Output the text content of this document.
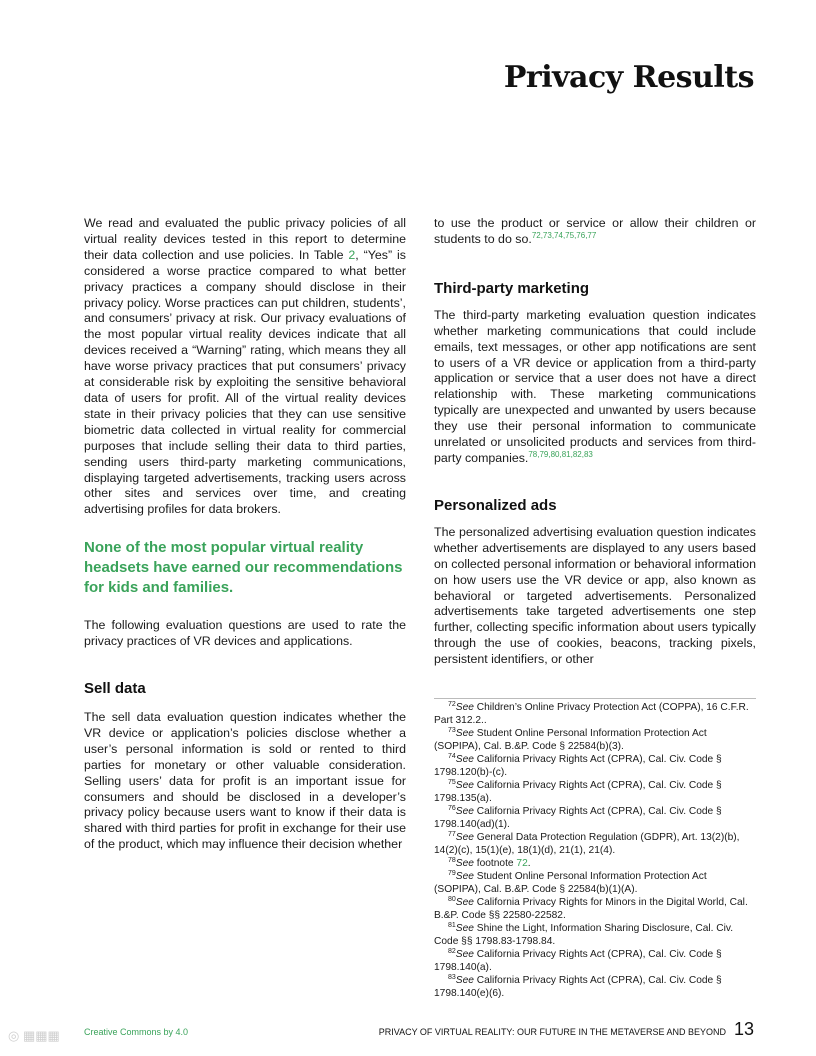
Privacy Results

We read and evaluated the public privacy policies of all virtual reality devices tested in this report to determine their data collection and use policies. In Table 2, “Yes” is considered a worse practice compared to what better privacy practices a company should disclose in their privacy policy. Worse practices can put children, students’, and consumers’ privacy at risk. Our privacy evaluations of the most popular virtual reality devices indicate that all devices received a “Warning” rating, which means they all have worse privacy practices that put consumers’ privacy at considerable risk by exploiting the sensitive behavioral data of users for profit. All of the virtual reality devices state in their privacy policies that they can use sensitive biometric data collected in virtual reality for commercial purposes that include selling their data to third parties, sending users third-party marketing communications, displaying targeted advertisements, tracking users across other sites and services over time, and creating advertising profiles for data brokers.

None of the most popular virtual reality headsets have earned our recommendations for kids and families.

The following evaluation questions are used to rate the privacy practices of VR devices and applications.

Sell data

The sell data evaluation question indicates whether the VR device or application’s policies disclose whether a user’s personal information is sold or rented to third parties for monetary or other valuable consideration. Selling users’ data for profit is an important issue for consumers and should be disclosed in a developer’s privacy policy because users want to know if their data is shared with third parties for profit in exchange for their use of the product, which may influence their decision whether

to use the product or service or allow their children or students to do so.$^{72,73,74,75,76,77}$

Third-party marketing

The third-party marketing evaluation question indicates whether marketing communications that could include emails, text messages, or other app notifications are sent to users of a VR device or application from a third-party application or service that a user does not have a direct relationship with. These marketing communications typically are unexpected and unwanted by users because they use their personal information to communicate unrelated or unsolicited products and services from third-party companies.$^{78,79,80,81,82,83}$

Personalized ads

The personalized advertising evaluation question indicates whether advertisements are displayed to any users based on collected personal information or behavioral information on how users use the VR device or app, also known as behavioral or targeted advertisements. Personalized advertisements take targeted advertisements one step further, collecting specific information about users typically through the use of cookies, beacons, tracking pixels, persistent identifiers, or other

$^{72}$See Children’s Online Privacy Protection Act (COPPA), 16 C.F.R. Part 312.2..

$^{73}$See Student Online Personal Information Protection Act (SOPIPA), Cal. B.&P. Code § 22584(b)(3).

$^{74}$See California Privacy Rights Act (CPRA), Cal. Civ. Code § 1798.120(b)-(c).

$^{75}$See California Privacy Rights Act (CPRA), Cal. Civ. Code § 1798.135(a).

$^{76}$See California Privacy Rights Act (CPRA), Cal. Civ. Code § 1798.140(ad)(1).

$^{77}$See General Data Protection Regulation (GDPR), Art. 13(2)(b), 14(2)(c), 15(1)(e), 18(1)(d), 21(1), 21(4).

$^{78}$See footnote 72.

$^{79}$See Student Online Personal Information Protection Act (SOPIPA), Cal. B.&P. Code § 22584(b)(1)(A).

$^{80}$See California Privacy Rights for Minors in the Digital World, Cal. B.&P. Code §§ 22580-22582.

$^{81}$See Shine the Light, Information Sharing Disclosure, Cal. Civ. Code §§ 1798.83-1798.84.

$^{82}$See California Privacy Rights Act (CPRA), Cal. Civ. Code § 1798.140(a).

$^{83}$See California Privacy Rights Act (CPRA), Cal. Civ. Code § 1798.140(e)(6).

◎ ▦▦▦	Creative Commons by 4.0	PRIVACY OF VIRTUAL REALITY: OUR FUTURE IN THE METAVERSE AND BEYOND 13
